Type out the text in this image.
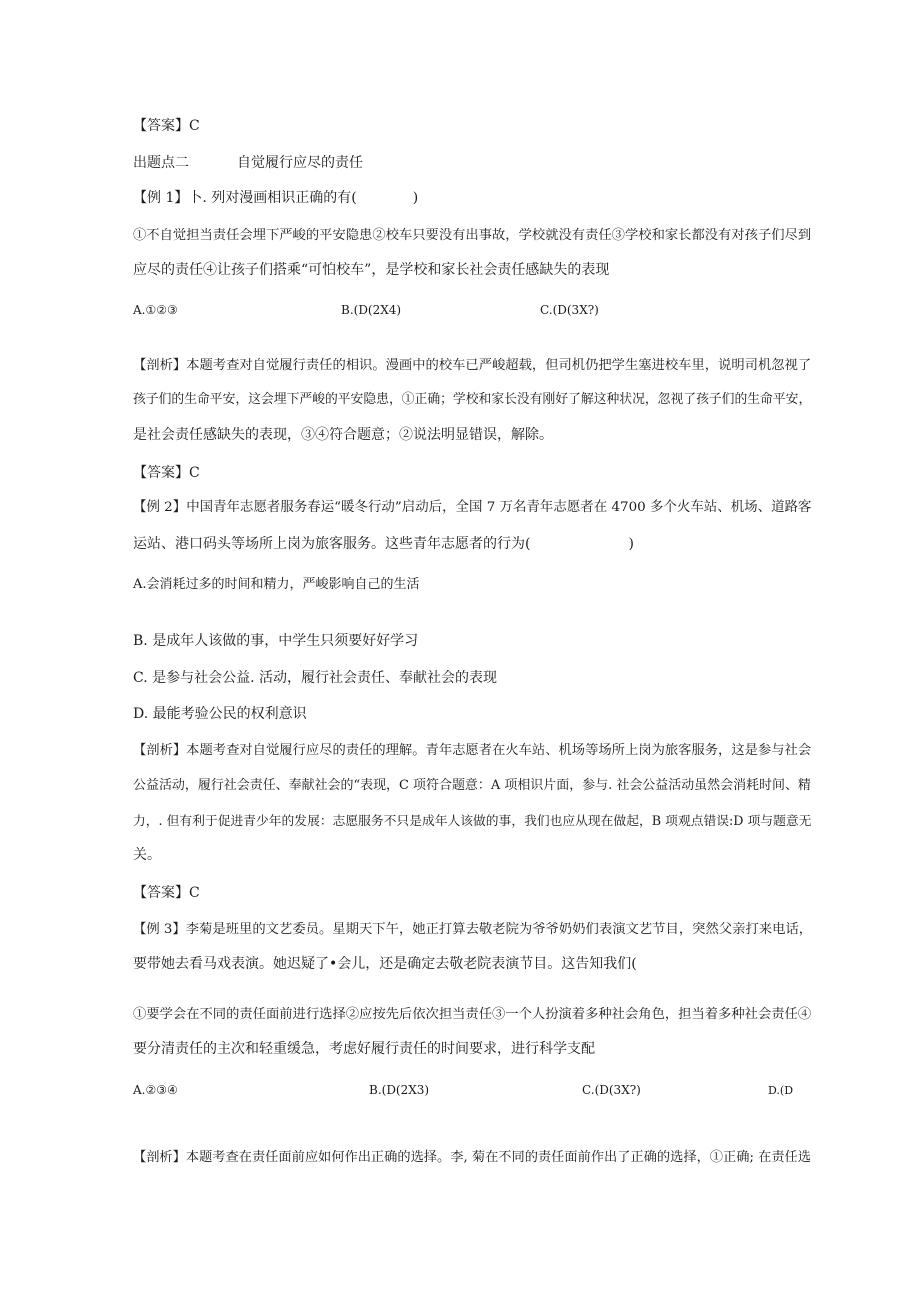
【答案】C
出题点二	自觉履行应尽的责任
【例 1】卜. 列对漫画相识正确的有(　　　　)
①不自觉担当责任会埋下严峻的平安隐患②校车只要没有出事故，学校就没有责任③学校和家长都没有对孩子们尽到
应尽的责任④让孩子们搭乘“可怕校车”，是学校和家长社会责任感缺失的表现
A.①②③	B.(D(2X4)	C.(D(3X?)
【剖析】本题考查对自觉履行责任的相识。漫画中的校车已严峻超载，但司机仍把学生塞进校车里，说明司机忽视了
孩子们的生命平安，这会埋下严峻的平安隐患，①正确；学校和家长没有刚好了解这种状况，忽视了孩子们的生命平安，
是社会责任感缺失的表现，③④符合题意；②说法明显错误，解除。
【答案】C
【例 2】中国青年志愿者服务春运“暖冬行动”启动后，全国 7 万名青年志愿者在 4700 多个火车站、机场、道路客
运站、港口码头等场所上岗为旅客服务。这些青年志愿者的行为(　　　　　　　)
A.会消耗过多的时间和精力，严峻影响自己的生活
B. 是成年人该做的事，中学生只须要好好学习
C. 是参与社会公益. 活动，履行社会责任、奉献社会的表现
D. 最能考验公民的权利意识
【剖析】本题考查对自觉履行应尽的责任的理解。青年志愿者在火车站、机场等场所上岗为旅客服务，这是参与社会
公益活动，履行社会责任、奉献社会的“表现，C 项符合题意：A 项相识片面，参与. 社会公益活动虽然会消耗时间、精
力，. 但有利于促进青少年的发展：志愿服务不只是成年人该做的事，我们也应从现在做起，B 项观点错误:D 项与题意无
关。
【答案】C
【例 3】李菊是班里的文艺委员。星期天下午，她正打算去敬老院为爷爷奶奶们表演文艺节目，突然父亲打来电话，
要带她去看马戏表演。她迟疑了•会儿，还是确定去敬老院表演节目。这告知我们(
①要学会在不同的责任面前进行选择②应按先后依次担当责任③一个人扮演着多种社会角色，担当着多种社会责任④
要分清责任的主次和轻重缓急，考虑好履行责任的时间要求，进行科学支配
A.②③④	B.(D(2X3)	C.(D(3X?)	D.(D
【剖析】本题考查在责任面前应如何作出正确的选择。李, 菊在不同的责任面前作出了正确的选择，①正确; 在责任选
